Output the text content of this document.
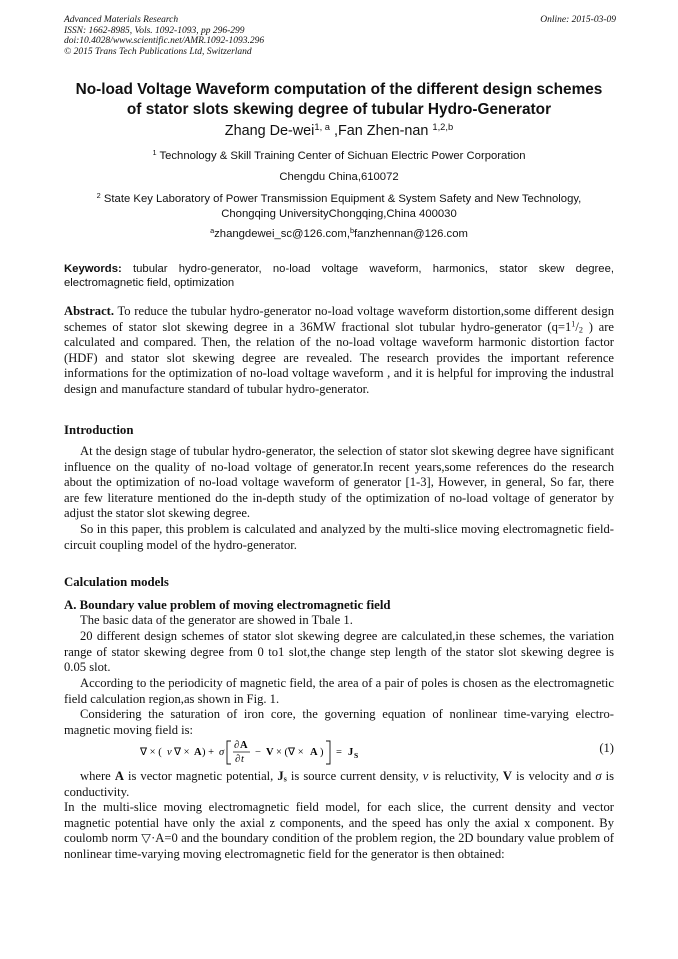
Advanced Materials Research
ISSN: 1662-8985, Vols. 1092-1093, pp 296-299
doi:10.4028/www.scientific.net/AMR.1092-1093.296
© 2015 Trans Tech Publications Ltd, Switzerland
Online: 2015-03-09
No-load Voltage Waveform computation of the different design schemes
of stator slots skewing degree of tubular Hydro-Generator
Zhang De-wei$^{1, a}$ ,Fan Zhen-nan $^{1,2,b}$
$^1$ Technology & Skill Training Center of Sichuan Electric Power Corporation
Chengdu China,610072
$^2$ State Key Laboratory of Power Transmission Equipment & System Safety and New Technology,
Chongqing UniversityChongqing,China 400030
$^a$zhangdewei_sc@126.com,$^b$fanzhennan@126.com
Keywords: tubular hydro-generator, no-load voltage waveform, harmonics, stator skew degree, electromagnetic field, optimization
Abstract. To reduce the tubular hydro-generator no-load voltage waveform distortion,some different design schemes of stator slot skewing degree in a 36MW fractional slot tubular hydro-generator ($q=1^1/_2$ ) are calculated and compared. Then, the relation of the no-load voltage waveform harmonic distortion factor (HDF) and stator slot skewing degree are revealed. The research provides the important reference informations for the optimization of no-load voltage waveform , and it is helpful for improving the industral design and manufacture standard of tubular hydro-generator.
Introduction
At the design stage of tubular hydro-generator, the selection of stator slot skewing degree have significant influence on the quality of no-load voltage of generator.In recent years,some references do the research about the optimization of no-load voltage waveform of generator [1-3], However, in general, So far, there are few literature mentioned do the in-depth study of the optimization of no-load voltage of generator by adjust the stator slot skewing degree.
So in this paper, this problem is calculated and analyzed by the multi-slice moving electromagnetic field-circuit coupling model of the hydro-generator.
Calculation models
A. Boundary value problem of moving electromagnetic field
The basic data of the generator are showed in Tbale 1.
20 different design schemes of stator slot skewing degree are calculated,in these schemes, the variation range of stator skewing degree from 0 to1 slot,the change step length of the stator slot skewing degree is 0.05 slot.
According to the periodicity of magnetic field, the area of a pair of poles is chosen as the electromagnetic field calculation region,as shown in Fig. 1.
Considering the saturation of iron core, the governing equation of nonlinear time-varying electro-magnetic moving field is:
∇ × ( ν ∇ × A ) + σ
∂ A
∂ t
− V × (∇ × A ) = J S
(1)
where A is vector magnetic potential, $J_s$ is source current density, v is reluctivity, V is velocity and σ is conductivity.
In the multi-slice moving electromagnetic field model, for each slice, the current density and vector magnetic potential have only the axial z components, and the speed has only the axial x component. By coulomb norm ▽·A=0 and the boundary condition of the problem region, the 2D boundary value problem of nonlinear time-varying moving electromagnetic field for the generator is then obtained:
